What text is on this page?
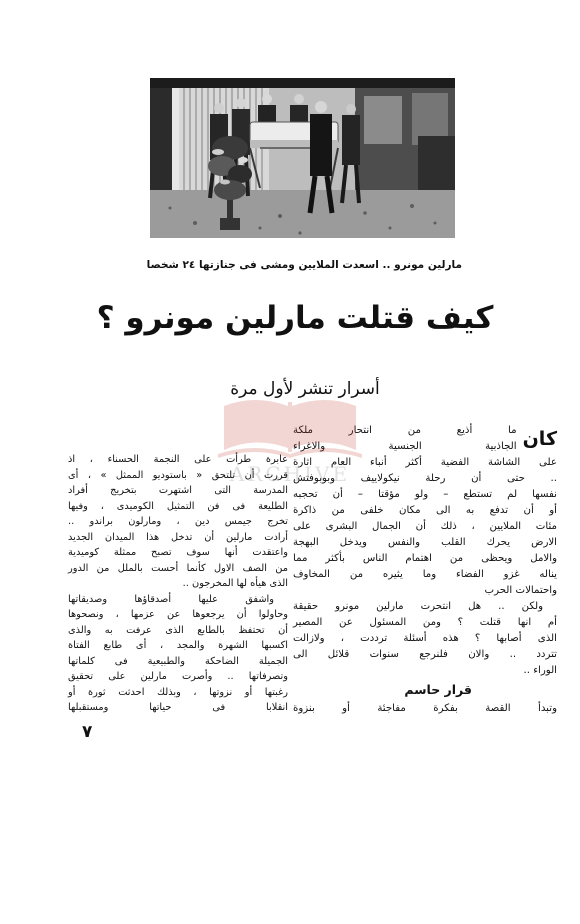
مارلين مونرو .. اسعدت الملايين ومشى فى جنازتها ٢٤ شخصا
كيف قتلت مارلين مونرو ؟
أسرار تنشر لأول مرة
كان
ما أذيع من انتحار ملكة
الجاذبية الجنسية والاغراء
على الشاشة الفضية أكثر أنباء العام اثارة
.. حتى أن رحلة نيكولاييف وبوبوفتش
نفسها لم تستطع – ولو مؤقتا – أن تحجبه
أو أن تدفع به الى مكان خلفى من ذاكرة
مئات الملايين ، ذلك أن الجمال البشرى على
الارض يحرك القلب والنفس ويدخل البهجة
والامل ويحظى من اهتمام الناس بأكثر مما
يناله غزو الفضاء وما يثيره من المخاوف
واحتمالات الحرب
ولكن .. هل انتحرت مارلين مونرو حقيقة
أم انها قتلت ؟ ومن المسئول عن المصير
الذى أصابها ؟ هذه أسئلة ترددت ، ولازالت
تتردد .. والان فلنرجع سنوات قلائل الى
الوراء ..
قرار حاسم
وتبدأ القصة بفكرة مفاجئة أو بنزوة
عابرة طرأت على النجمة الحسناء ، اذ
قررت أن تلتحق « باستوديو الممثل » ، أى
المدرسة التى اشتهرت بتخريج أفراد
الطليعة فى فن التمثيل الكوميدى ، وفيها
تخرج جيمس دين ، ومارلون براندو ..
أرادت مارلين أن تدخل هذا الميدان الجديد
واعتقدت أنها سوف تصبح ممثلة كوميدية
من الصف الاول كأنما أحست بالملل من الدور
الذى هيأه لها المخرجون ..
واشفق عليها أصدقاؤها وصديقاتها
وحاولوا أن يرجعوها عن عزمها ، ونصحوها
أن تحتفظ بالطابع الذى عرفت به والذى
اكسبها الشهرة والمجد ، أى طابع الفتاة
الجميلة الضاحكة والطبيعية فى كلماتها
وتصرفاتها .. وأصرت مارلين على تحقيق
رغبتها أو نزوتها ، وبذلك احدثت ثورة أو
انقلابا فى حياتها ومستقبلها
٧
ARCHIVE
